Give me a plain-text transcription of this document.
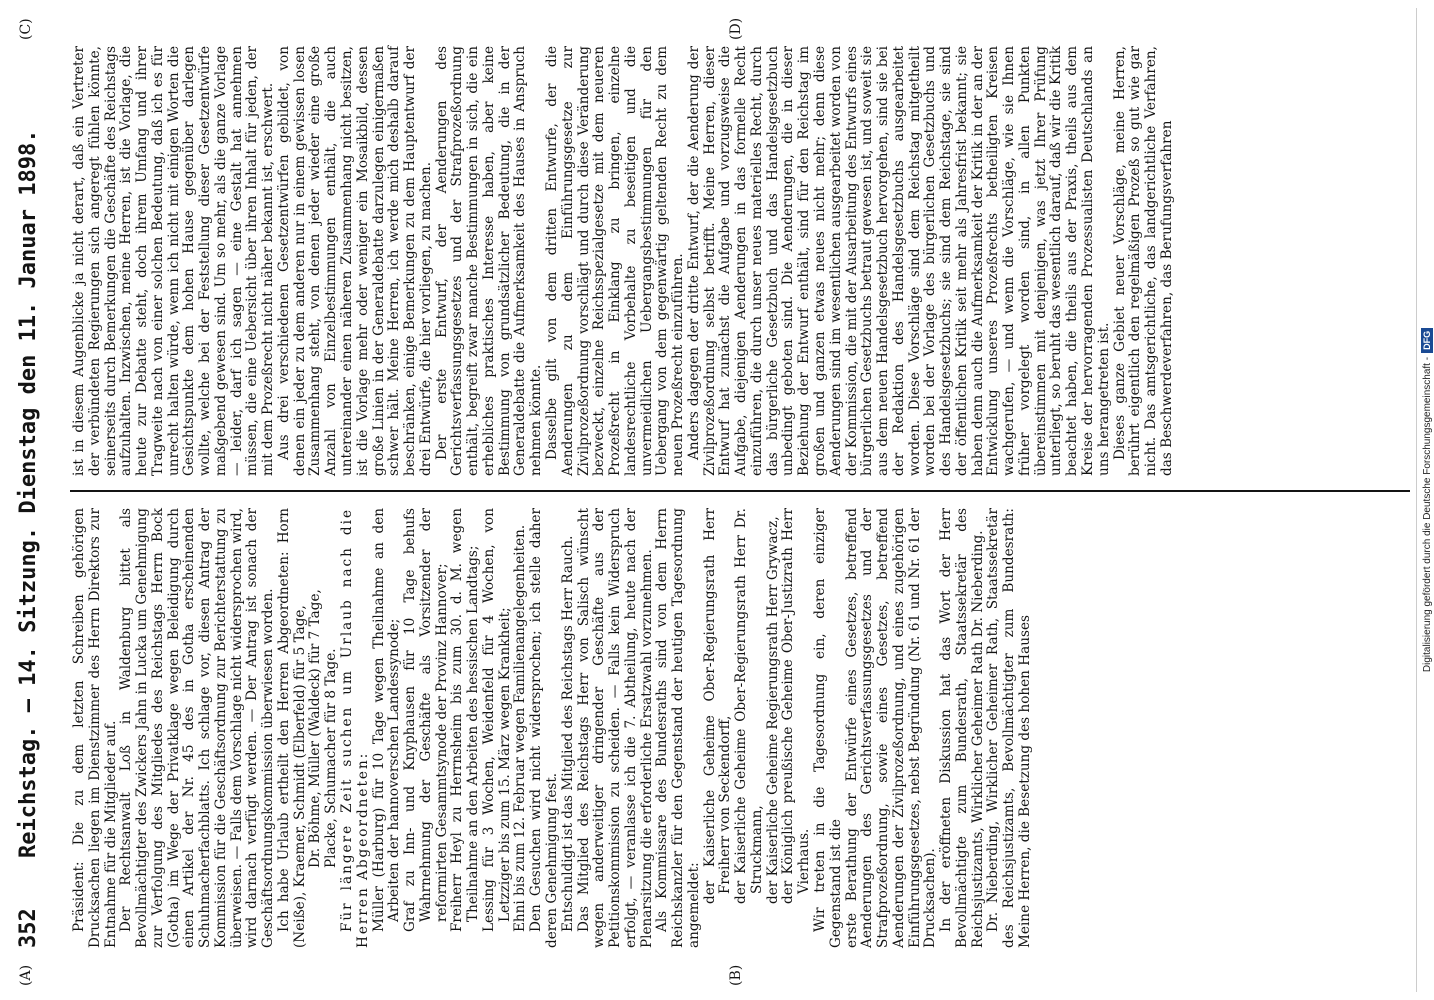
352
Reichstag. — 14. Sitzung. Dienstag den 11. Januar 1898.
(A)	(B)
(C)	(D)

Präsident: Die zu dem letzten Schreiben gehörigen Drucksachen liegen im Dienstzimmer des Herrn Direktors zur Entnahme für die Mitglieder auf. Der Rechtsanwalt Loß in Waldenburg bittet als Bevollmächtigter des Zwickers Jahn in Lucka um Genehmigung zur Verfolgung des Mitgliedes des Reichstags Herrn Bock (Gotha) im Wege der Privatklage wegen Beleidigung durch einen Artikel der Nr. 45 des in Gotha erscheinenden Schuhmacherfachblatts. Ich schlage vor, diesen Antrag der Kommission für die Geschäftsordnung zur Berichterstattung zu überweisen. — Falls dem Vorschlage nicht widersprochen wird, wird darnach verfügt werden. — Der Antrag ist sonach der Geschäftsordnungskommission überwiesen worden. Ich habe Urlaub ertheilt den Herren Abgeordneten: Horn (Neiße), Kraemer, Schmidt (Elberfeld) für 5 Tage, Dr. Böhme, Müller (Waldeck) für 7 Tage, Placke, Schumacher für 8 Tage. Für längere Zeit suchen um Urlaub nach die Herren Abgeordneten: Müller (Harburg) für 10 Tage wegen Theilnahme an den Arbeiten der hannoverschen Landessynode; Graf zu Inn- und Knyphausen für 10 Tage behufs Wahrnehmung der Geschäfte als Vorsitzender der reformirten Gesammtsynode der Provinz Hannover; Freiherr Heyl zu Herrnsheim bis zum 30. d. M. wegen Theilnahme an den Arbeiten des hessischen Landtags; Lessing für 3 Wochen, Weidenfeld für 4 Wochen, von Letzziger bis zum 15. März wegen Krankheit; Ehni bis zum 12. Februar wegen Familienangelegenheiten. Den Gesuchen wird nicht widersprochen; ich stelle daher deren Genehmigung fest. Entschuldigt ist das Mitglied des Reichstags Herr Rauch. Das Mitglied des Reichstags Herr von Salisch wünscht wegen anderweitiger dringender Geschäfte aus der Petitionskommission zu scheiden. — Falls kein Widerspruch erfolgt, — veranlasse ich die 7. Abtheilung, heute nach der Plenarsitzung die erforderliche Ersatzwahl vorzunehmen. Als Kommissare des Bundesraths sind von dem Herrn Reichskanzler für den Gegenstand der heutigen Tagesordnung angemeldet:

der Kaiserliche Geheime Ober-Regierungsrath Herr Freiherr von Seckendorff, der Kaiserliche Geheime Ober-Regierungsrath Herr Dr. Struckmann, der Kaiserliche Geheime Regierungsrath Herr Grywacz, der Königlich preußische Geheime Ober-Justizrath Herr Vierhaus. Wir treten in die Tagesordnung ein, deren einziger Gegenstand ist die erste Berathung der Entwürfe eines Gesetzes, betreffend Aenderungen des Gerichtsverfassungsgesetzes und der Strafprozeßordnung, sowie eines Gesetzes, betreffend Aenderungen der Zivilprozeßordnung, und eines zugehörigen Einführungsgesetzes, nebst Begründung (Nr. 61 und Nr. 61 der Drucksachen). In der eröffneten Diskussion hat das Wort der Herr Bevollmächtigte zum Bundesrath, Staatssekretär des Reichsjustizamts, Wirklicher Geheimer Rath Dr. Nieberding. Dr. Nieberding, Wirklicher Geheimer Rath, Staatssekretär des Reichsjustizamts, Bevollmächtigter zum Bundesrath: Meine Herren, die Besetzung des hohen Hauses

ist in diesem Augenblicke ja nicht derart, daß ein Vertreter der verbündeten Regierungen sich angeregt fühlen könnte, seinerseits durch Bemerkungen die Geschäfte des Reichstags aufzuhalten. Inzwischen, meine Herren, ist die Vorlage, die heute zur Debatte steht, doch ihrem Umfang und ihrer Tragweite nach von einer solchen Bedeutung, daß ich es für unrecht halten würde, wenn ich nicht mit einigen Worten die Gesichtspunkte dem hohen Hause gegenüber darlegen wollte, welche bei der Feststellung dieser Gesetzentwürfe maßgebend gewesen sind. Um so mehr, als die ganze Vorlage — leider, darf ich sagen — eine Gestalt hat annehmen müssen, die eine Uebersicht über ihren Inhalt für jeden, der mit dem Prozeßrecht nicht näher bekannt ist, erschwert. Aus drei verschiedenen Gesetzentwürfen gebildet, von denen ein jeder zu dem anderen nur in einem gewissen losen Zusammenhang steht, von denen jeder wieder eine große Anzahl von Einzelbestimmungen enthält, die auch untereinander einen näheren Zusammenhang nicht besitzen, ist die Vorlage mehr oder weniger ein Mosaikbild, dessen große Linien in der Generaldebatte darzulegen einigermaßen schwer hält. Meine Herren, ich werde mich deshalb darauf beschränken, einige Bemerkungen zu dem Hauptentwurf der drei Entwürfe, die hier vorliegen, zu machen. Der erste Entwurf, der Aenderungen des Gerichtsverfassungsgesetzes und der Strafprozeßordnung enthält, begreift zwar manche Bestimmungen in sich, die ein erhebliches praktisches Interesse haben, aber keine Bestimmung von grundsätzlicher Bedeutung, die in der Generaldebatte die Aufmerksamkeit des Hauses in Anspruch nehmen könnte. Dasselbe gilt von dem dritten Entwurfe, der die Aenderungen zu dem Einführungsgesetze zur Zivilprozeßordnung vorschlägt und durch diese Veränderung bezweckt, einzelne Reichsspezialgesetze mit dem neueren Prozeßrecht in Einklang zu bringen, einzelne landesrechtliche Vorbehalte zu beseitigen und die unvermeidlichen Uebergangsbestimmungen für den Uebergang von dem gegenwärtig geltenden Recht zu dem neuen Prozeßrecht einzuführen. Anders dagegen der dritte Entwurf, der die Aenderung der Zivilprozeßordnung selbst betrifft. Meine Herren, dieser Entwurf hat zunächst die Aufgabe und vorzugsweise die Aufgabe, diejenigen Aenderungen in das formelle Recht einzuführen, die durch unser neues materielles Recht, durch das bürgerliche Gesetzbuch und das Handelsgesetzbuch unbedingt geboten sind. Die Aenderungen, die in dieser Beziehung der Entwurf enthält, sind für den Reichstag im großen und ganzen etwas neues nicht mehr; denn diese Aenderungen sind im wesentlichen ausgearbeitet worden von der Kommission, die mit der Ausarbeitung des Entwurfs eines bürgerlichen Gesetzbuchs betraut gewesen ist, und soweit sie aus dem neuen Handelsgesetzbuch hervorgehen, sind sie bei der Redaktion des Handelsgesetzbuchs ausgearbeitet worden. Diese Vorschläge sind dem Reichstag mitgetheilt worden bei der Vorlage des bürgerlichen Gesetzbuchs und des Handelsgesetzbuchs; sie sind dem Reichstage, sie sind der öffentlichen Kritik seit mehr als Jahresfrist bekannt; sie haben denn auch die Aufmerksamkeit der Kritik in der an der Entwicklung unseres Prozeßrechts betheiligten Kreisen wachgerufen, — und wenn die Vorschläge, wie sie Ihnen früher vorgelegt worden sind, in allen Punkten übereinstimmen mit denjenigen, was jetzt Ihrer Prüfung unterliegt, so beruht das wesentlich darauf, daß wir die Kritik beachtet haben, die theils aus der Praxis, theils aus dem Kreise der hervorragenden Prozessualisten Deutschlands an uns herangetreten ist. Dieses ganze Gebiet neuer Vorschläge, meine Herren, berührt eigentlich den regelmäßigen Prozeß so gut wie gar nicht. Das amtsgerichtliche, das landgerichtliche Verfahren, das Beschwerdeverfahren, das Berufungsverfahren

Digitalisierung gefördert durch die Deutsche Forschungsgemeinschaft -DFG
